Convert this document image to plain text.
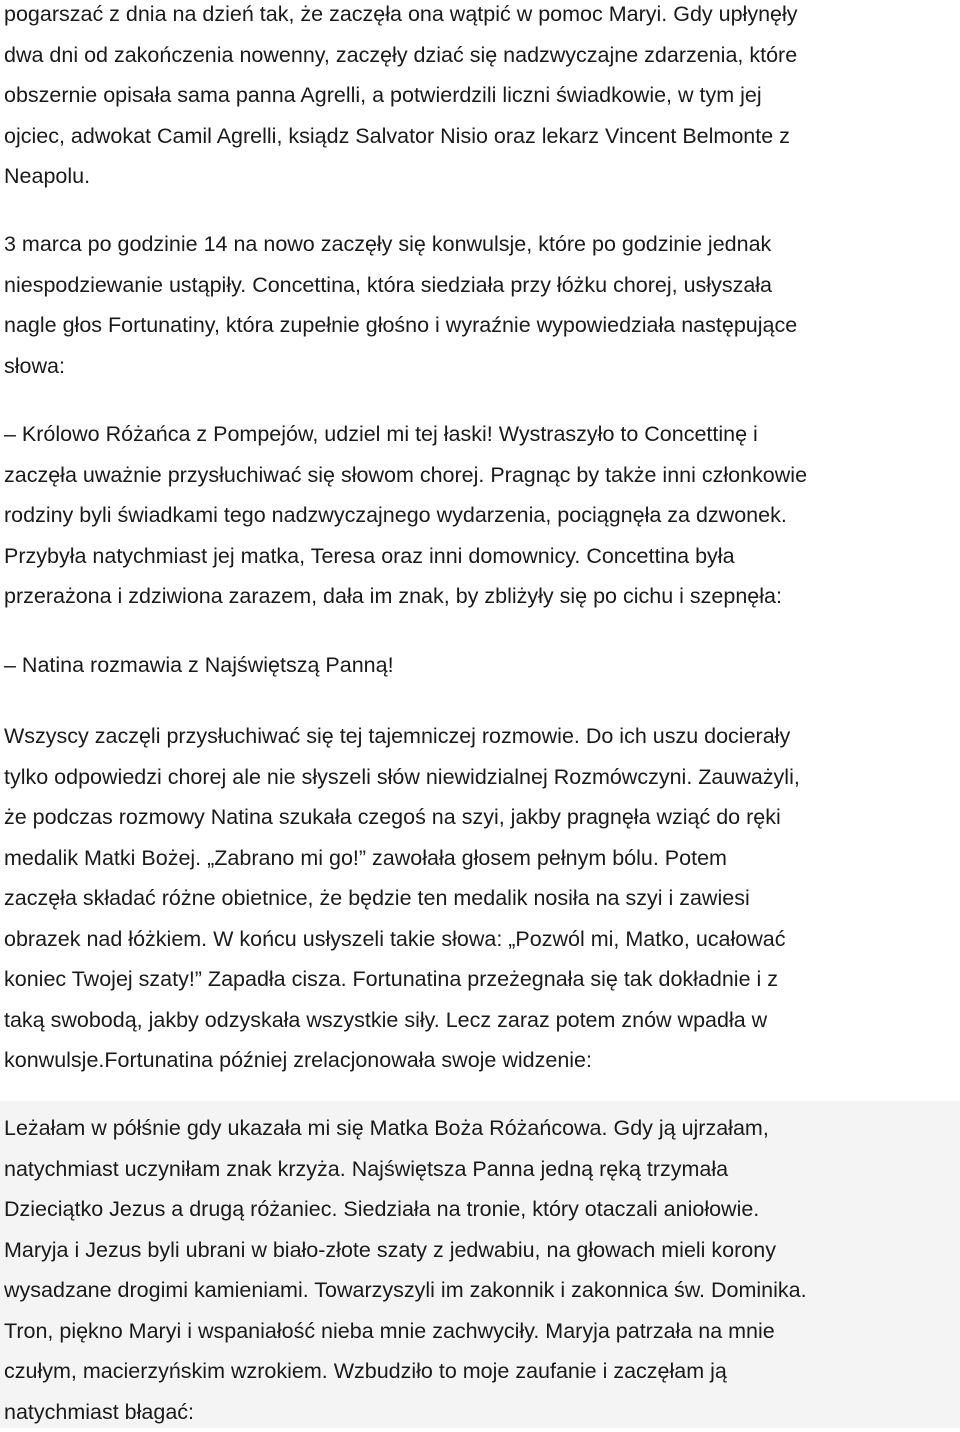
pogarszać z dnia na dzień tak, że zaczęła ona wątpić w pomoc Maryi. Gdy upłynęły
dwa dni od zakończenia nowenny, zaczęły dziać się nadzwyczajne zdarzenia, które
obszernie opisała sama panna Agrelli, a potwierdzili liczni świadkowie, w tym jej
ojciec, adwokat Camil Agrelli, ksiądz Salvator Nisio oraz lekarz Vincent Belmonte z
Neapolu.
3 marca po godzinie 14 na nowo zaczęły się konwulsje, które po godzinie jednak
niespodziewanie ustąpiły. Concettina, która siedziała przy łóżku chorej, usłyszała
nagle głos Fortunatiny, która zupełnie głośno i wyraźnie wypowiedziała następujące
słowa:
– Królowo Różańca z Pompejów, udziel mi tej łaski! Wystraszyło to Concettinę i
zaczęła uważnie przysłuchiwać się słowom chorej. Pragnąc by także inni członkowie
rodziny byli świadkami tego nadzwyczajnego wydarzenia, pociągnęła za dzwonek.
Przybyła natychmiast jej matka, Teresa oraz inni domownicy. Concettina była
przerażona i zdziwiona zarazem, dała im znak, by zbliżyły się po cichu i szepnęła:
– Natina rozmawia z Najświętszą Panną!
Wszyscy zaczęli przysłuchiwać się tej tajemniczej rozmowie. Do ich uszu docierały
tylko odpowiedzi chorej ale nie słyszeli słów niewidzialnej Rozmówczyni. Zauważyli,
że podczas rozmowy Natina szukała czegoś na szyi, jakby pragnęła wziąć do ręki
medalik Matki Bożej. „Zabrano mi go!” zawołała głosem pełnym bólu. Potem
zaczęła składać różne obietnice, że będzie ten medalik nosiła na szyi i zawiesi
obrazek nad łóżkiem. W końcu usłyszeli takie słowa: „Pozwól mi, Matko, ucałować
koniec Twojej szaty!” Zapadła cisza. Fortunatina przeżegnała się tak dokładnie i z
taką swobodą, jakby odzyskała wszystkie siły. Lecz zaraz potem znów wpadła w
konwulsje.Fortunatina później zrelacjonowała swoje widzenie:
Leżałam w półśnie gdy ukazała mi się Matka Boża Różańcowa. Gdy ją ujrzałam,
natychmiast uczyniłam znak krzyża. Najświętsza Panna jedną ręką trzymała
Dzieciątko Jezus a drugą różaniec. Siedziała na tronie, który otaczali aniołowie.
Maryja i Jezus byli ubrani w biało-złote szaty z jedwabiu, na głowach mieli korony
wysadzane drogimi kamieniami. Towarzyszyli im zakonnik i zakonnica św. Dominika.
Tron, piękno Maryi i wspaniałość nieba mnie zachwyciły. Maryja patrzała na mnie
czułym, macierzyńskim wzrokiem. Wzbudziło to moje zaufanie i zaczęłam ją
natychmiast błagać:
